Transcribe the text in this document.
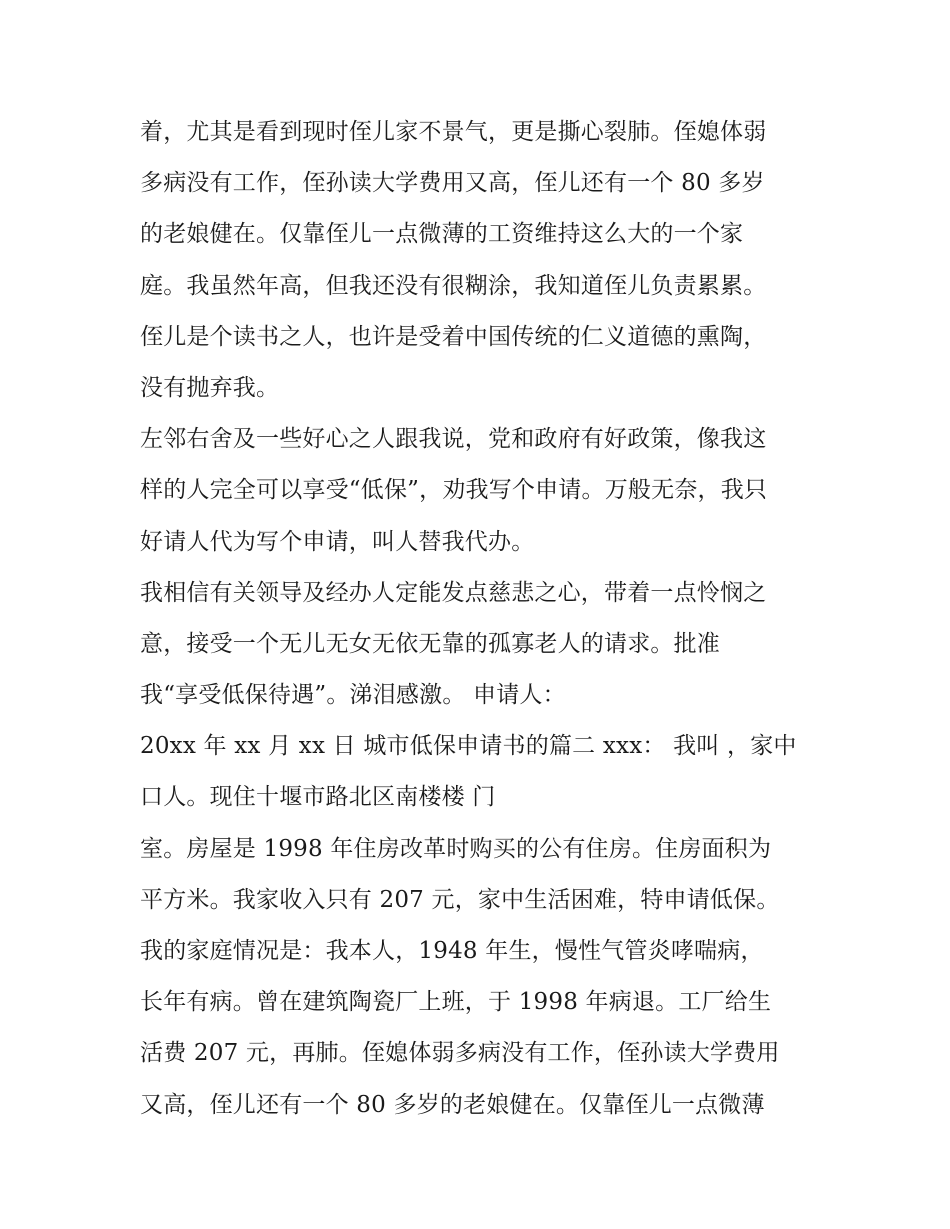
着，尤其是看到现时侄儿家不景气，更是撕心裂肺。侄媳体弱
多病没有工作，侄孙读大学费用又高，侄儿还有一个 80 多岁
的老娘健在。仅靠侄儿一点微薄的工资维持这么大的一个家
庭。我虽然年高，但我还没有很糊涂，我知道侄儿负责累累。
侄儿是个读书之人，也许是受着中国传统的仁义道德的熏陶，
没有抛弃我。
左邻右舍及一些好心之人跟我说，党和政府有好政策，像我这
样的人完全可以享受“低保”，劝我写个申请。万般无奈，我只
好请人代为写个申请，叫人替我代办。
我相信有关领导及经办人定能发点慈悲之心，带着一点怜悯之
意，接受一个无儿无女无依无靠的孤寡老人的请求。批准
我“享受低保待遇”。涕泪感激。 申请人：
20xx 年 xx 月 xx 日 城市低保申请书的篇二 xxx： 我叫 ，家中
口人。现住十堰市路北区南楼楼 门
室。房屋是 1998 年住房改革时购买的公有住房。住房面积为
平方米。我家收入只有 207 元，家中生活困难，特申请低保。
我的家庭情况是：我本人，1948 年生，慢性气管炎哮喘病，
长年有病。曾在建筑陶瓷厂上班，于 1998 年病退。工厂给生
活费 207 元，再肺。侄媳体弱多病没有工作，侄孙读大学费用
又高，侄儿还有一个 80 多岁的老娘健在。仅靠侄儿一点微薄
